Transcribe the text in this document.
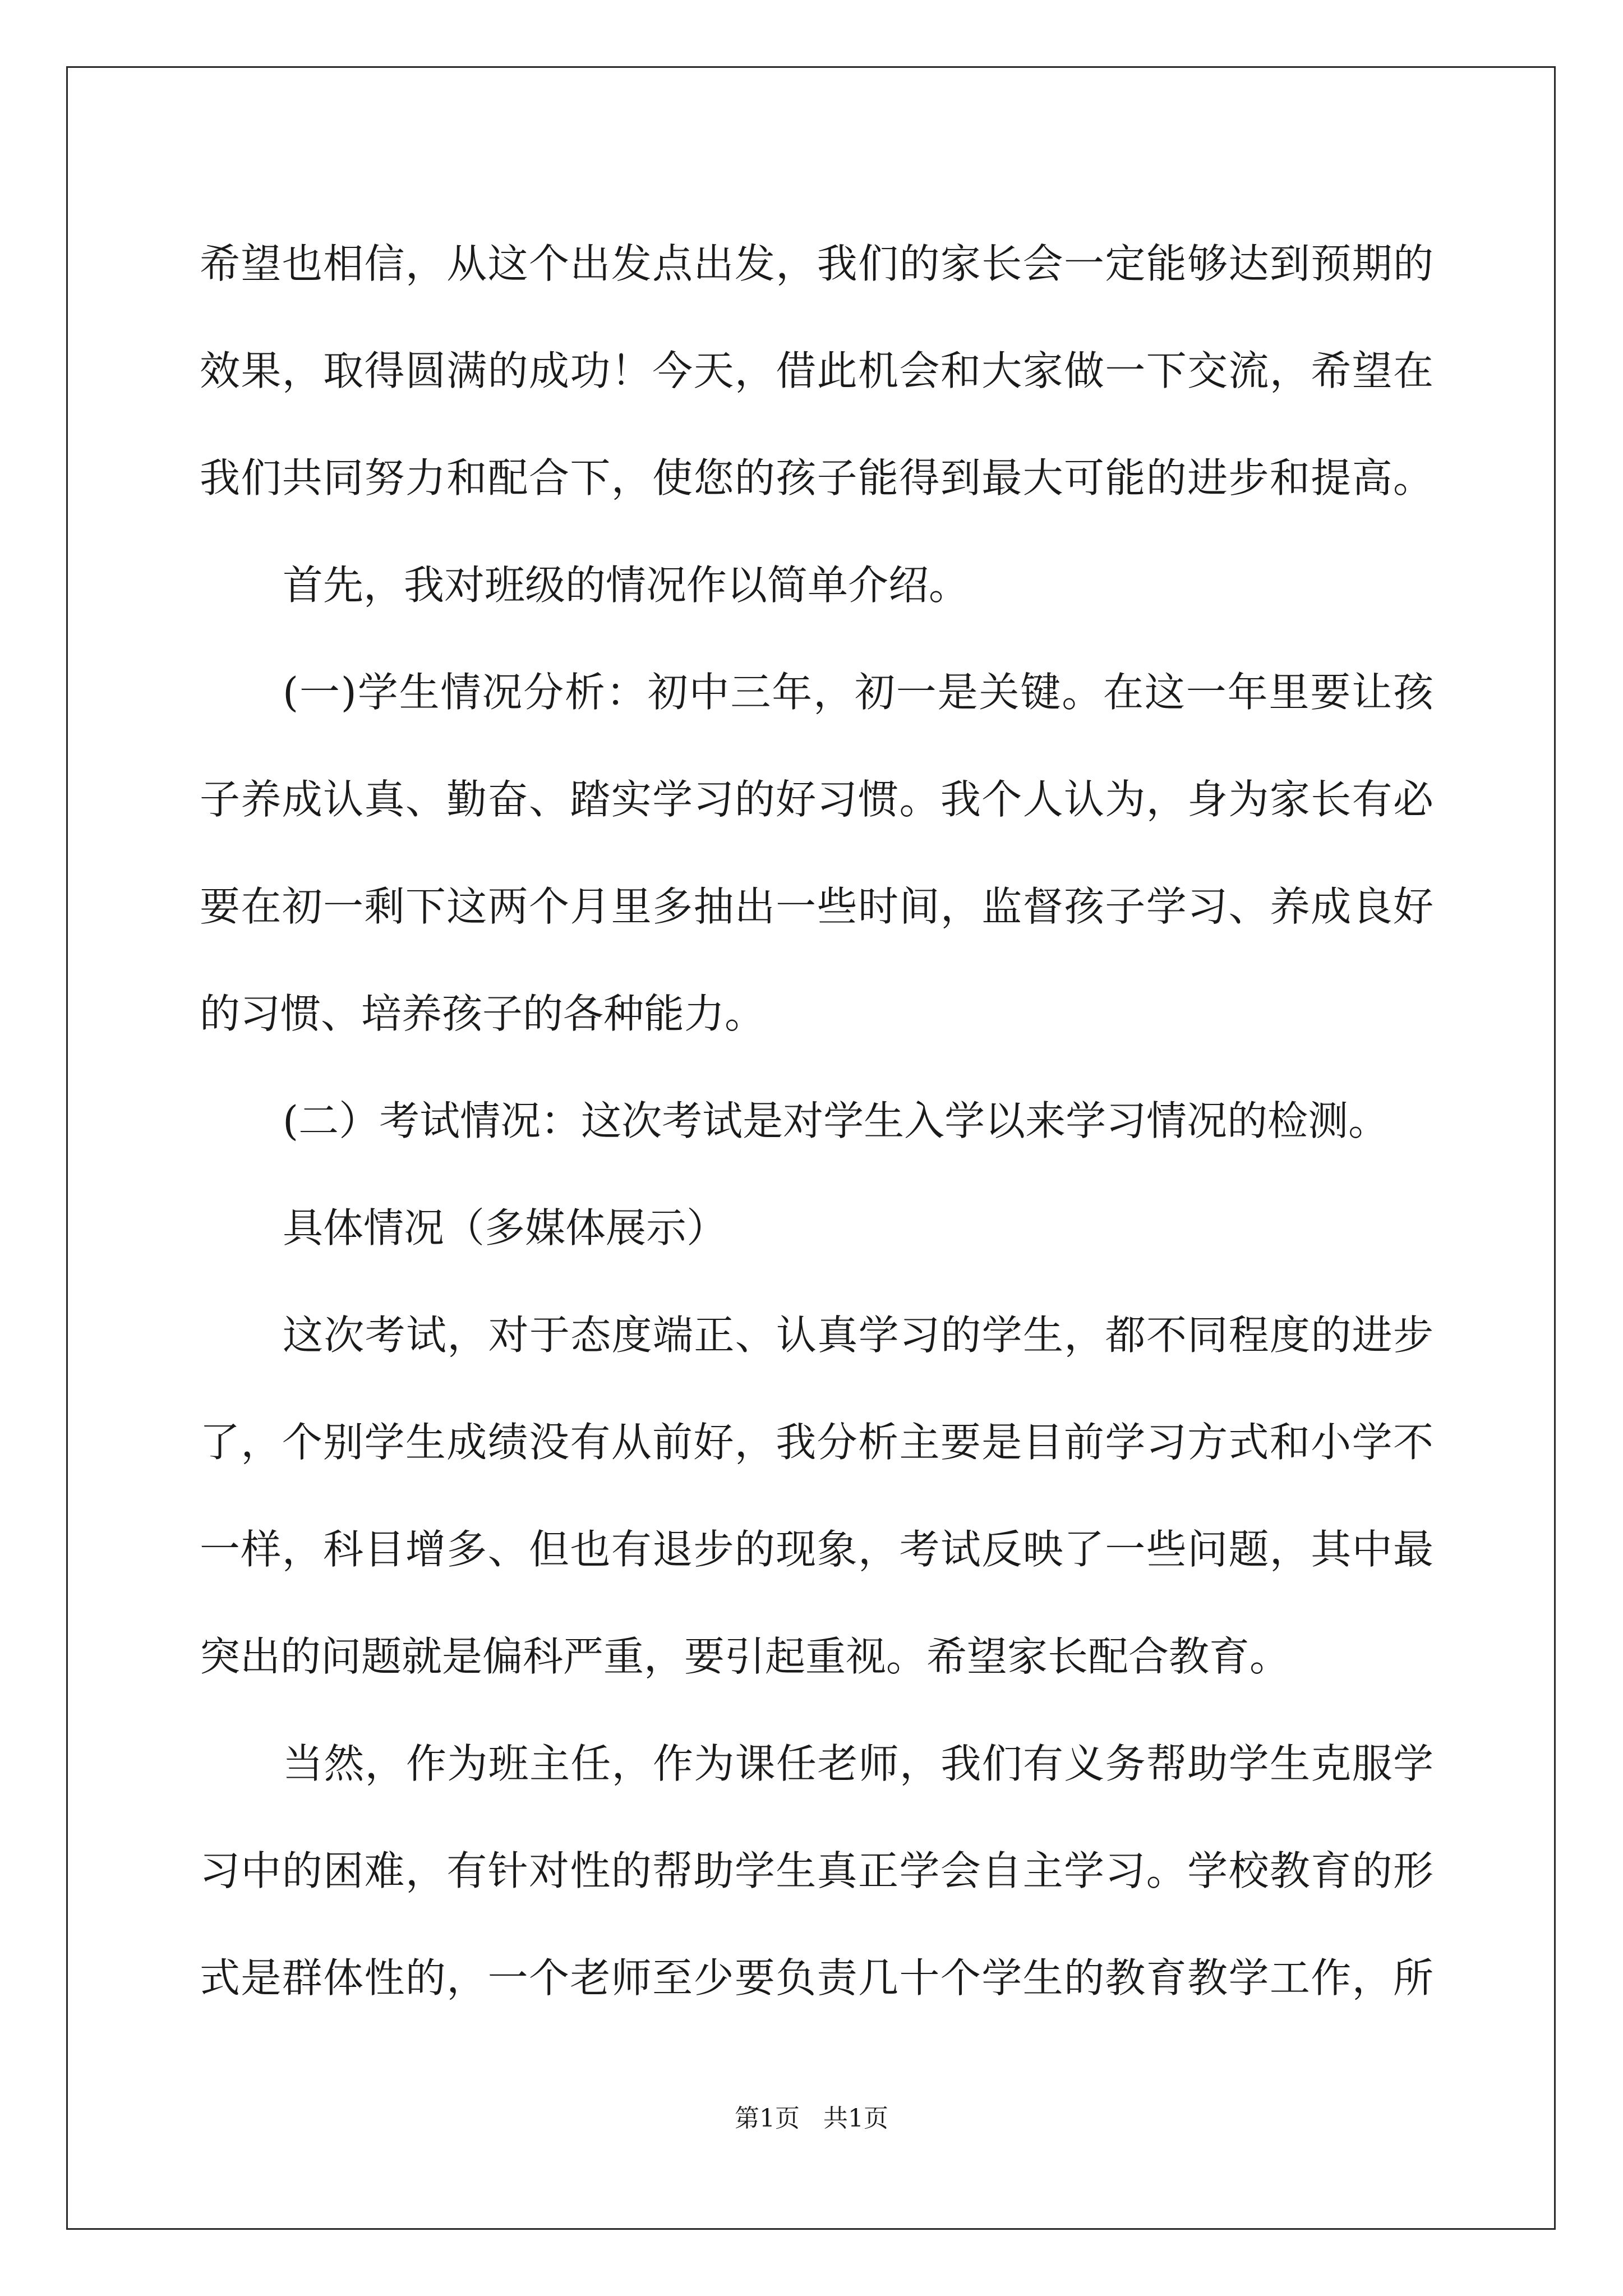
希望也相信，从这个出发点出发，我们的家长会一定能够达到预期的
效果，取得圆满的成功！今天，借此机会和大家做一下交流，希望在
我们共同努力和配合下，使您的孩子能得到最大可能的进步和提高。
首先，我对班级的情况作以简单介绍。
(一)学生情况分析：初中三年，初一是关键。在这一年里要让孩
子养成认真、勤奋、踏实学习的好习惯。我个人认为，身为家长有必
要在初一剩下这两个月里多抽出一些时间，监督孩子学习、养成良好
的习惯、培养孩子的各种能力。
(二）考试情况：这次考试是对学生入学以来学习情况的检测。
具体情况（多媒体展示）
这次考试，对于态度端正、认真学习的学生，都不同程度的进步
了，个别学生成绩没有从前好，我分析主要是目前学习方式和小学不
一样，科目增多、但也有退步的现象，考试反映了一些问题，其中最
突出的问题就是偏科严重，要引起重视。希望家长配合教育。
当然，作为班主任，作为课任老师，我们有义务帮助学生克服学
习中的困难，有针对性的帮助学生真正学会自主学习。学校教育的形
式是群体性的，一个老师至少要负责几十个学生的教育教学工作，所
第1页   共1页
